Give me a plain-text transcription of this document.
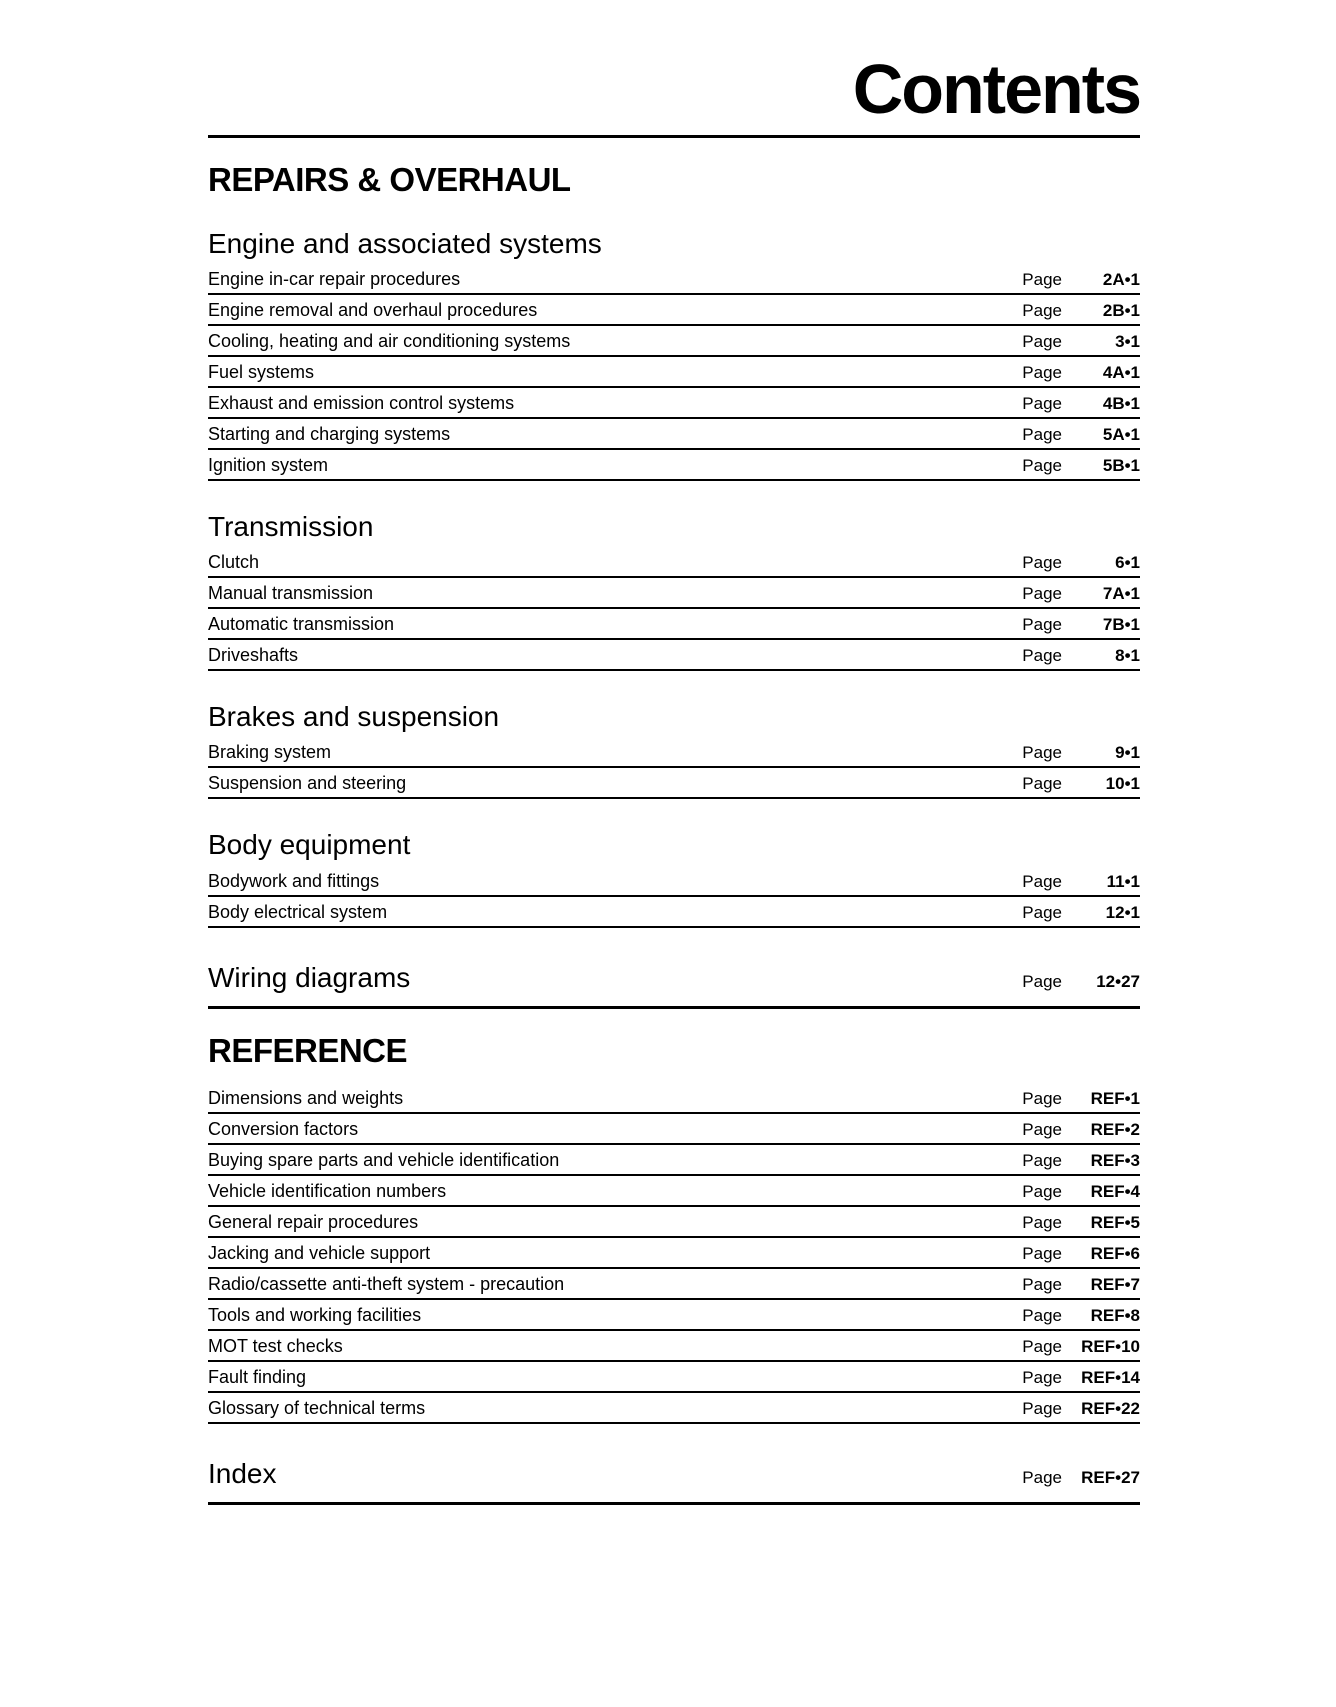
Contents
REPAIRS & OVERHAUL
Engine and associated systems
Engine in-car repair procedures	Page	2A•1
Engine removal and overhaul procedures	Page	2B•1
Cooling, heating and air conditioning systems	Page	3•1
Fuel systems	Page	4A•1
Exhaust and emission control systems	Page	4B•1
Starting and charging systems	Page	5A•1
Ignition system	Page	5B•1
Transmission
Clutch	Page	6•1
Manual transmission	Page	7A•1
Automatic transmission	Page	7B•1
Driveshafts	Page	8•1
Brakes and suspension
Braking system	Page	9•1
Suspension and steering	Page	10•1
Body equipment
Bodywork and fittings	Page	11•1
Body electrical system	Page	12•1
Wiring diagrams	Page	12•27
REFERENCE
Dimensions and weights	Page	REF•1
Conversion factors	Page	REF•2
Buying spare parts and vehicle identification	Page	REF•3
Vehicle identification numbers	Page	REF•4
General repair procedures	Page	REF•5
Jacking and vehicle support	Page	REF•6
Radio/cassette anti-theft system - precaution	Page	REF•7
Tools and working facilities	Page	REF•8
MOT test checks	Page	REF•10
Fault finding	Page	REF•14
Glossary of technical terms	Page	REF•22
Index	Page	REF•27
